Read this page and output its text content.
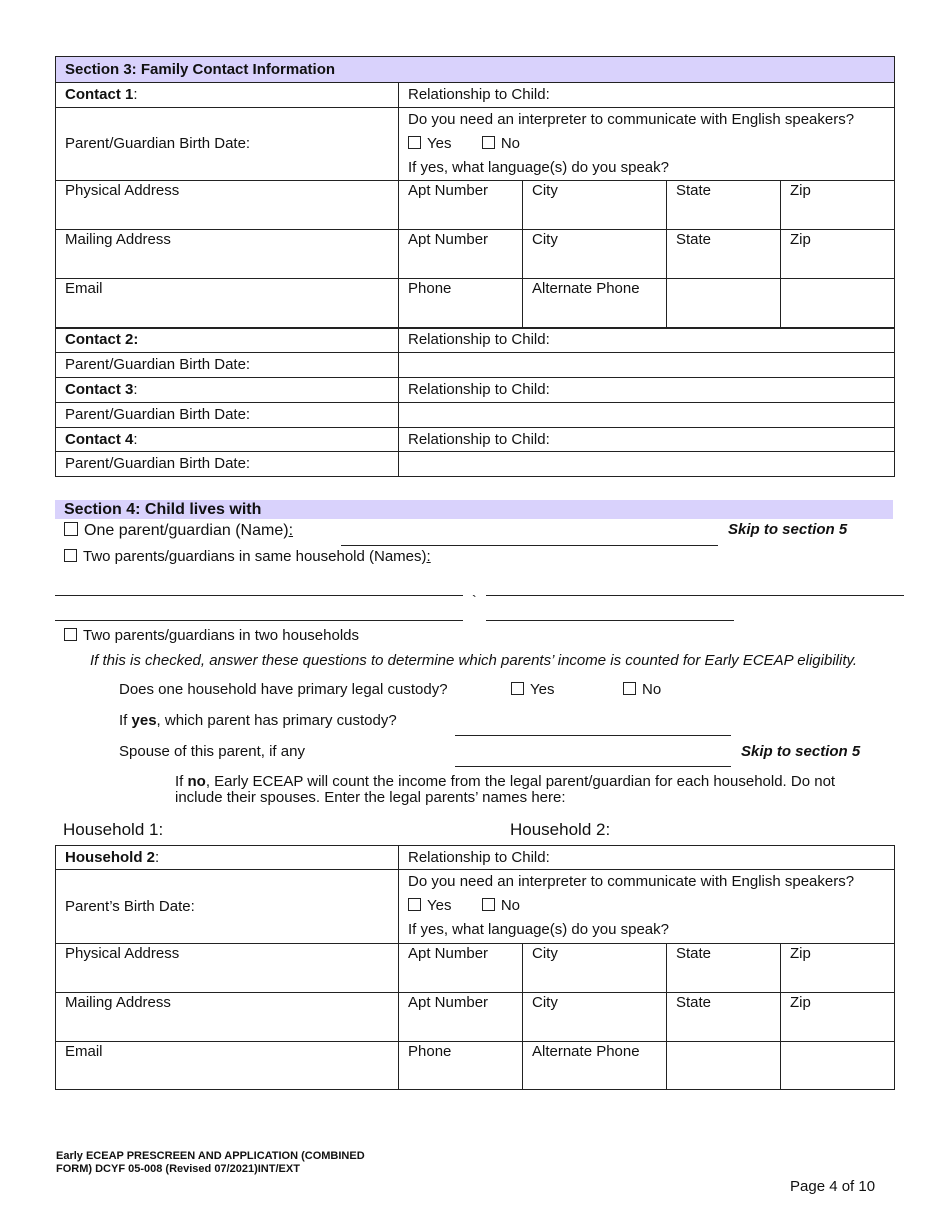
Section 3: Family Contact Information				
Contact 1:	Relationship to Child:			
Parent/Guardian Birth Date:	Do you need an interpreter to communicate with English speakers?

Yes No

If yes, what language(s) do you speak?			

Physical Address	Apt Number	City	State	Zip
Mailing Address	Apt Number	City	State	Zip
Email	Phone	Alternate Phone		
Contact 2:	Relationship to Child:			
Parent/Guardian Birth Date:				
Contact 3:	Relationship to Child:			
Parent/Guardian Birth Date:				
Contact 4:	Relationship to Child:			
Parent/Guardian Birth Date:				
Section 4: Child lives with
One parent/guardian (Name):	Skip to section 5
Two parents/guardians in same household (Names):
`
Two parents/guardians in two households
If this is checked, answer these questions to determine which parents’ income is counted for Early ECEAP eligibility.
Does one household have primary legal custody?	Yes	No
If yes, which parent has primary custody?
Spouse of this parent, if any	Skip to section 5
If no, Early ECEAP will count the income from the legal parent/guardian for each household. Do not include their spouses. Enter the legal parents’ names here:
Household 1:	Household 2:
Household 2:	Relationship to Child:			
Parent’s Birth Date:	Do you need an interpreter to communicate with English speakers?

Yes No

If yes, what language(s) do you speak?			

Physical Address	Apt Number	City	State	Zip
Mailing Address	Apt Number	City	State	Zip
Email	Phone	Alternate Phone		
Early ECEAP PRESCREEN AND APPLICATION (COMBINED
FORM) DCYF 05-008 (Revised 07/2021)INT/EXT
Page 4 of 10
